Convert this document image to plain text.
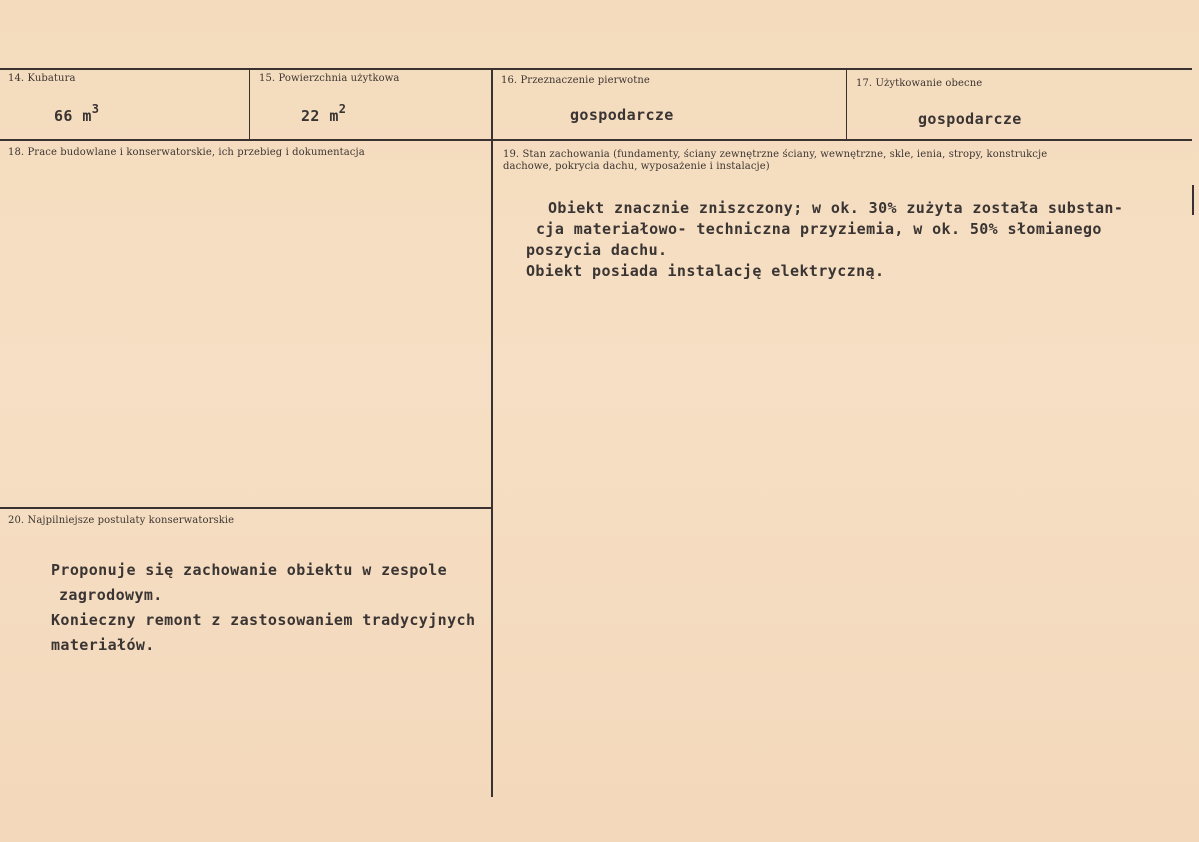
14. Kubatura
66 $m^3$
15. Powierzchnia użytkowa
22 $m^2$
16. Przeznaczenie pierwotne
gospodarcze
17. Użytkowanie obecne
gospodarcze
18. Prace budowlane i konserwatorskie, ich przebieg i dokumentacja	19. Stan zachowania (fundamenty, ściany zewnętrzne ściany, wewnętrzne, skle, ienia, stropy, konstrukcje dachowe, pokrycia dachu, wyposażenie i instalacje)

Obiekt znacznie zniszczony; w ok. 30% zużyta została substan-

cja materiałowo- techniczna przyziemia, w ok. 50% słomianego

poszycia dachu.

Obiekt posiada instalację elektryczną.

20. Najpilniejsze postulaty konserwatorskie

Proponuje się zachowanie obiektu w zespole

zagrodowym.

Konieczny remont z zastosowaniem tradycyjnych

materiałów.
